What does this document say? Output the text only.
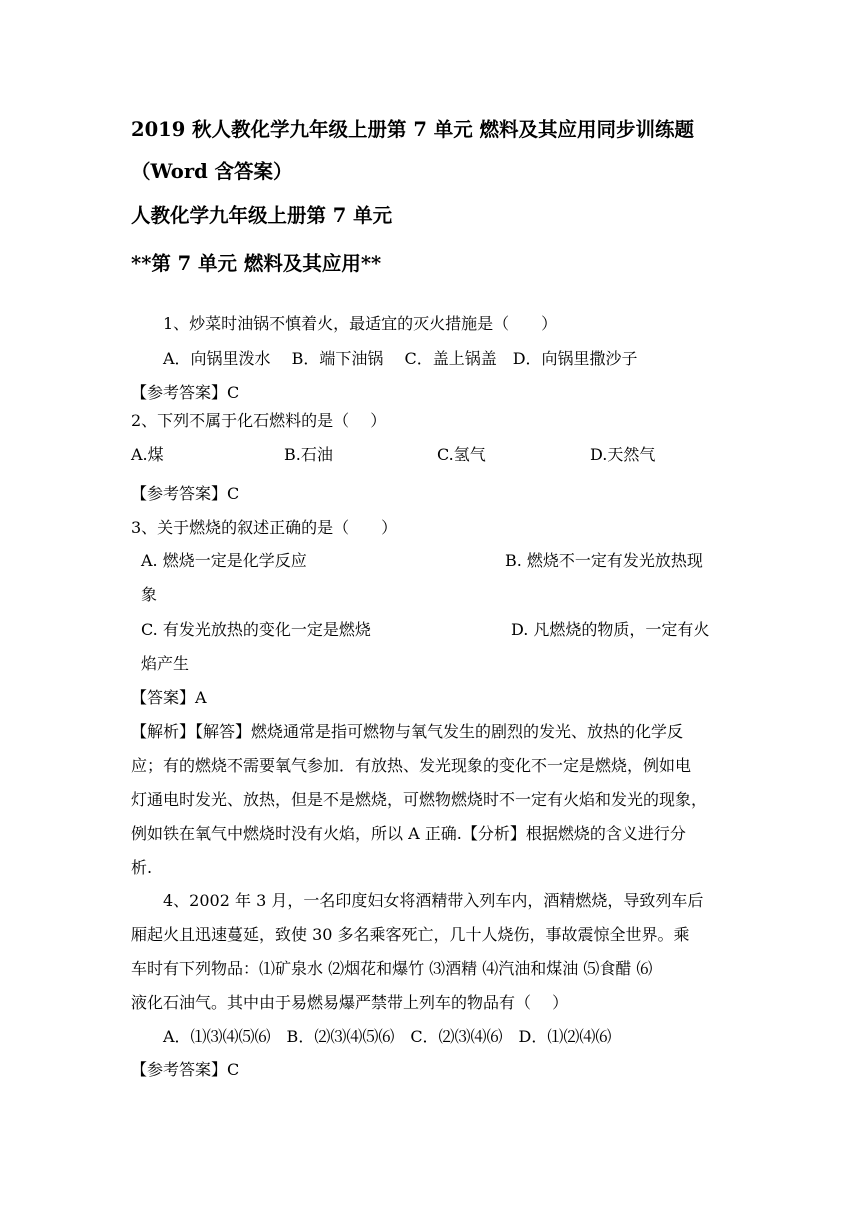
2019 秋人教化学九年级上册第 7 单元 燃料及其应用同步训练题
（Word 含答案）
人教化学九年级上册第 7 单元
**第 7 单元 燃料及其应用**
1、炒菜时油锅不慎着火，最适宜的灭火措施是（　　）
A．向锅里泼水　 B．端下油锅　 C．盖上锅盖　D．向锅里撒沙子
【参考答案】C
2、下列不属于化石燃料的是（　 ）
A.煤	B.石油	C.氢气	D.天然气
【参考答案】C
3、关于燃烧的叙述正确的是（　　）
A. 燃烧一定是化学反应	B. 燃烧不一定有发光放热现
象
C. 有发光放热的变化一定是燃烧	D. 凡燃烧的物质，一定有火
焰产生
【答案】A
【解析】【解答】燃烧通常是指可燃物与氧气发生的剧烈的发光、放热的化学反
应；有的燃烧不需要氧气参加．有放热、发光现象的变化不一定是燃烧，例如电
灯通电时发光、放热，但是不是燃烧，可燃物燃烧时不一定有火焰和发光的现象，
例如铁在氧气中燃烧时没有火焰，所以 A 正确.【分析】根据燃烧的含义进行分
析.
4、2002 年 3 月，一名印度妇女将酒精带入列车内，酒精燃烧，导致列车后
厢起火且迅速蔓延，致使 30 多名乘客死亡，几十人烧伤，事故震惊全世界。乘
车时有下列物品：⑴矿泉水 ⑵烟花和爆竹 ⑶酒精 ⑷汽油和煤油 ⑸食醋 ⑹
液化石油气。其中由于易燃易爆严禁带上列车的物品有（　 ）
A．⑴⑶⑷⑸⑹　B．⑵⑶⑷⑸⑹　C．⑵⑶⑷⑹　D．⑴⑵⑷⑹
【参考答案】C
